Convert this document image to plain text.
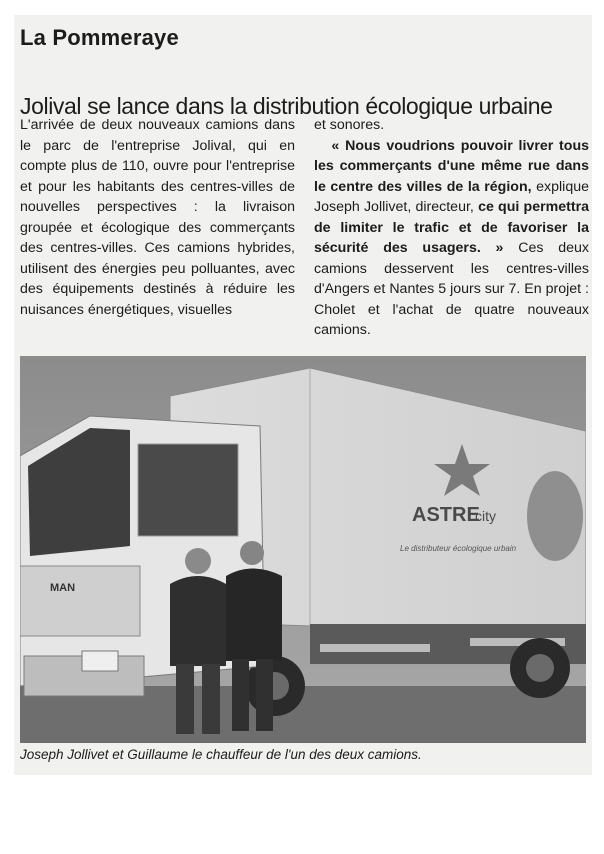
La Pommeraye
Jolival se lance dans la distribution écologique urbaine

L'arrivée de deux nouveaux camions dans le parc de l'entreprise Jolival, qui en compte plus de 110, ouvre pour l'entreprise et pour les habitants des centres-villes de nouvelles perspectives : la livraison groupée et écologique des commerçants des centres-villes. Ces camions hybrides, utilisent des énergies peu polluantes, avec des équipements destinés à réduire les nuisances énergétiques, visuelles

et sonores.
« Nous voudrions pouvoir livrer tous les commerçants d'une même rue dans le centre des villes de la région, explique Joseph Jollivet, directeur, ce qui permettra de limiter le trafic et de favoriser la sécurité des usagers. » Ces deux camions desservent les centres-villes d'Angers et Nantes 5 jours sur 7. En projet : Cholet et l'achat de quatre nouveaux camions.

MAN
ASTRE
city
Le distributeur écologique urbain
Joseph Jollivet et Guillaume le chauffeur de l'un des deux camions.
